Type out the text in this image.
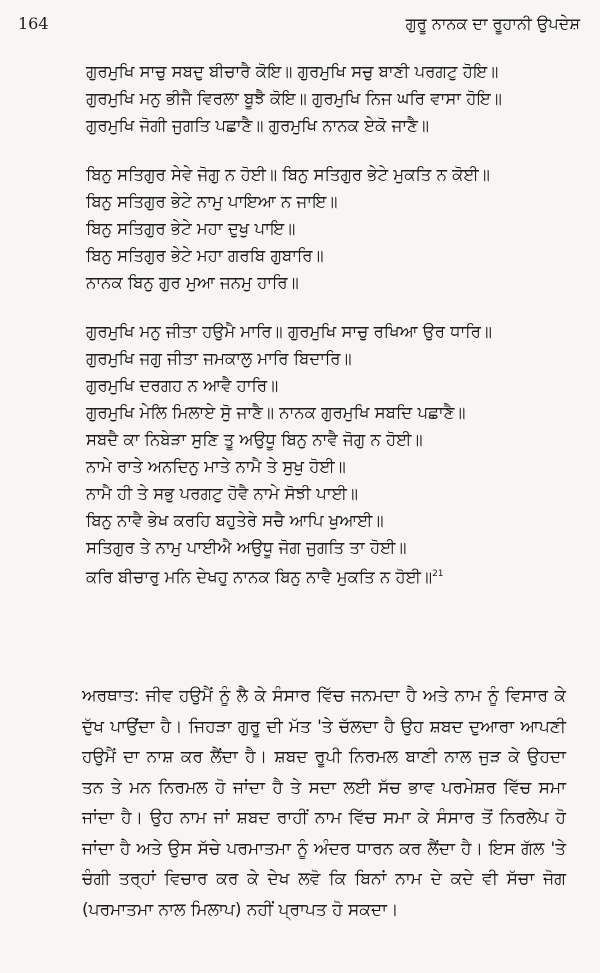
164	ਗੁਰੂ ਨਾਨਕ ਦਾ ਰੂਹਾਨੀ ਉਪਦੇਸ਼
ਗੁਰਮੁਖਿ ਸਾਚੁ ਸਬਦੁ ਬੀਚਾਰੈ ਕੋਇ॥ ਗੁਰਮੁਖਿ ਸਚੁ ਬਾਣੀ ਪਰਗਟੁ ਹੋਇ॥
ਗੁਰਮੁਖਿ ਮਨੁ ਭੀਜੈ ਵਿਰਲਾ ਬੂਝੈ ਕੋਇ॥ ਗੁਰਮੁਖਿ ਨਿਜ ਘਰਿ ਵਾਸਾ ਹੋਇ॥
ਗੁਰਮੁਖਿ ਜੋਗੀ ਜੁਗਤਿ ਪਛਾਣੈ॥ ਗੁਰਮੁਖਿ ਨਾਨਕ ਏਕੋ ਜਾਣੈ॥
ਬਿਨੁ ਸਤਿਗੁਰ ਸੇਵੇ ਜੋਗੁ ਨ ਹੋਈ॥ ਬਿਨੁ ਸਤਿਗੁਰ ਭੇਟੇ ਮੁਕਤਿ ਨ ਕੋਈ॥
ਬਿਨੁ ਸਤਿਗੁਰ ਭੇਟੇ ਨਾਮੁ ਪਾਇਆ ਨ ਜਾਇ॥
ਬਿਨੁ ਸਤਿਗੁਰ ਭੇਟੇ ਮਹਾ ਦੁਖੁ ਪਾਇ॥
ਬਿਨੁ ਸਤਿਗੁਰ ਭੇਟੇ ਮਹਾ ਗਰਬਿ ਗੁਬਾਰਿ॥
ਨਾਨਕ ਬਿਨੁ ਗੁਰ ਮੁਆ ਜਨਮੁ ਹਾਰਿ॥
ਗੁਰਮੁਖਿ ਮਨੁ ਜੀਤਾ ਹਉਮੈ ਮਾਰਿ॥ ਗੁਰਮੁਖਿ ਸਾਚੁ ਰਖਿਆ ਉਰ ਧਾਰਿ॥
ਗੁਰਮੁਖਿ ਜਗੁ ਜੀਤਾ ਜਮਕਾਲੁ ਮਾਰਿ ਬਿਦਾਰਿ॥
ਗੁਰਮੁਖਿ ਦਰਗਹ ਨ ਆਵੈ ਹਾਰਿ॥
ਗੁਰਮੁਖਿ ਮੇਲਿ ਮਿਲਾਏ ਸੁੋ ਜਾਣੈ॥ ਨਾਨਕ ਗੁਰਮੁਖਿ ਸਬਦਿ ਪਛਾਣੈ॥
ਸਬਦੈ ਕਾ ਨਿਬੇੜਾ ਸੁਣਿ ਤੂ ਅਉਧੂ ਬਿਨੁ ਨਾਵੈ ਜੋਗੁ ਨ ਹੋਈ॥
ਨਾਮੇ ਰਾਤੇ ਅਨਦਿਨੁ ਮਾਤੇ ਨਾਮੈ ਤੇ ਸੁਖੁ ਹੋਈ॥
ਨਾਮੈ ਹੀ ਤੇ ਸਭੁ ਪਰਗਟੁ ਹੋਵੈ ਨਾਮੇ ਸੋਝੀ ਪਾਈ॥
ਬਿਨੁ ਨਾਵੈ ਭੇਖ ਕਰਹਿ ਬਹੁਤੇਰੇ ਸਚੈ ਆਪਿ ਖੁਆਈ॥
ਸਤਿਗੁਰ ਤੇ ਨਾਮੁ ਪਾਈਐ ਅਉਧੂ ਜੋਗ ਜੁਗਤਿ ਤਾ ਹੋਈ॥
ਕਰਿ ਬੀਚਾਰੁ ਮਨਿ ਦੇਖਹੁ ਨਾਨਕ ਬਿਨੁ ਨਾਵੈ ਮੁਕਤਿ ਨ ਹੋਈ॥$^{21}$

ਅਰਥਾਤ: ਜੀਵ ਹਉਮੈਂ ਨੂੰ ਲੈ ਕੇ ਸੰਸਾਰ ਵਿੱਚ ਜਨਮਦਾ ਹੈ ਅਤੇ ਨਾਮ ਨੂੰ ਵਿਸਾਰ ਕੇ ਦੁੱਖ ਪਾਉਂਦਾ ਹੈ। ਜਿਹੜਾ ਗੁਰੂ ਦੀ ਮੱਤ 'ਤੇ ਚੱਲਦਾ ਹੈ ਉਹ ਸ਼ਬਦ ਦੁਆਰਾ ਆਪਣੀ ਹਉਮੈਂ ਦਾ ਨਾਸ਼ ਕਰ ਲੈਂਦਾ ਹੈ। ਸ਼ਬਦ ਰੂਪੀ ਨਿਰਮਲ ਬਾਣੀ ਨਾਲ ਜੁੜ ਕੇ ਉਹਦਾ ਤਨ ਤੇ ਮਨ ਨਿਰਮਲ ਹੋ ਜਾਂਦਾ ਹੈ ਤੇ ਸਦਾ ਲਈ ਸੱਚ ਭਾਵ ਪਰਮੇਸ਼ਰ ਵਿੱਚ ਸਮਾ ਜਾਂਦਾ ਹੈ। ਉਹ ਨਾਮ ਜਾਂ ਸ਼ਬਦ ਰਾਹੀਂ ਨਾਮ ਵਿੱਚ ਸਮਾ ਕੇ ਸੰਸਾਰ ਤੋਂ ਨਿਰਲੇਪ ਹੋ ਜਾਂਦਾ ਹੈ ਅਤੇ ਉਸ ਸੱਚੇ ਪਰਮਾਤਮਾ ਨੂੰ ਅੰਦਰ ਧਾਰਨ ਕਰ ਲੈਂਦਾ ਹੈ। ਇਸ ਗੱਲ 'ਤੇ ਚੰਗੀ ਤਰ੍ਹਾਂ ਵਿਚਾਰ ਕਰ ਕੇ ਦੇਖ ਲਵੋ ਕਿ ਬਿਨਾਂ ਨਾਮ ਦੇ ਕਦੇ ਵੀ ਸੱਚਾ ਜੋਗ (ਪਰਮਾਤਮਾ ਨਾਲ ਮਿਲਾਪ) ਨਹੀਂ ਪ੍ਰਾਪਤ ਹੋ ਸਕਦਾ।
